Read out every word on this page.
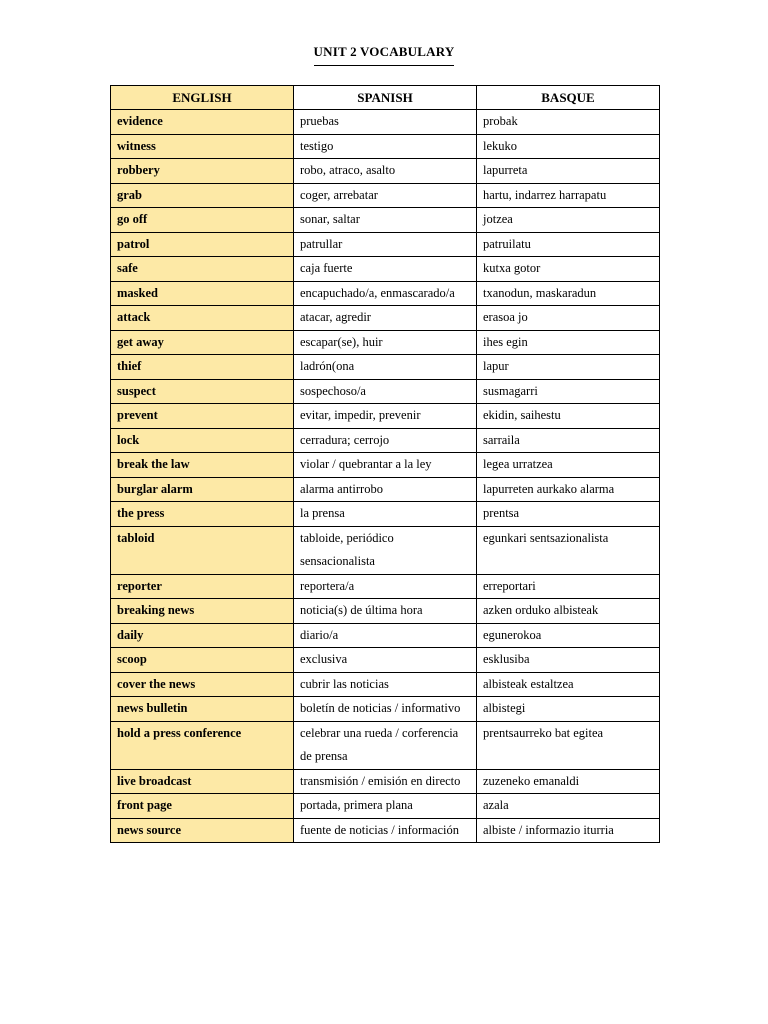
UNIT 2 VOCABULARY
ENGLISH	SPANISH	BASQUE
evidence	pruebas	probak
witness	testigo	lekuko
robbery	robo, atraco, asalto	lapurreta
grab	coger, arrebatar	hartu, indarrez harrapatu
go off	sonar, saltar	jotzea
patrol	patrullar	patruilatu
safe	caja fuerte	kutxa gotor
masked	encapuchado/a, enmascarado/a	txanodun, maskaradun
attack	atacar, agredir	erasoa jo
get away	escapar(se), huir	ihes egin
thief	ladrón(ona	lapur
suspect	sospechoso/a	susmagarri
prevent	evitar, impedir, prevenir	ekidin, saihestu
lock	cerradura; cerrojo	sarraila
break the law	violar / quebrantar a la ley	legea urratzea
burglar alarm	alarma antirrobo	lapurreten aurkako alarma
the press	la prensa	prentsa
tabloid	tabloide, periódico sensacionalista	egunkari sentsazionalista
reporter	reportera/a	erreportari
breaking news	noticia(s) de última hora	azken orduko albisteak
daily	diario/a	egunerokoa
scoop	exclusiva	esklusiba
cover the news	cubrir las noticias	albisteak estaltzea
news bulletin	boletín de noticias / informativo	albistegi
hold a press conference	celebrar una rueda / corferencia de prensa	prentsaurreko bat egitea
live broadcast	transmisión / emisión en directo	zuzeneko emanaldi
front page	portada, primera plana	azala
news source	fuente de noticias / información	albiste / informazio iturria
